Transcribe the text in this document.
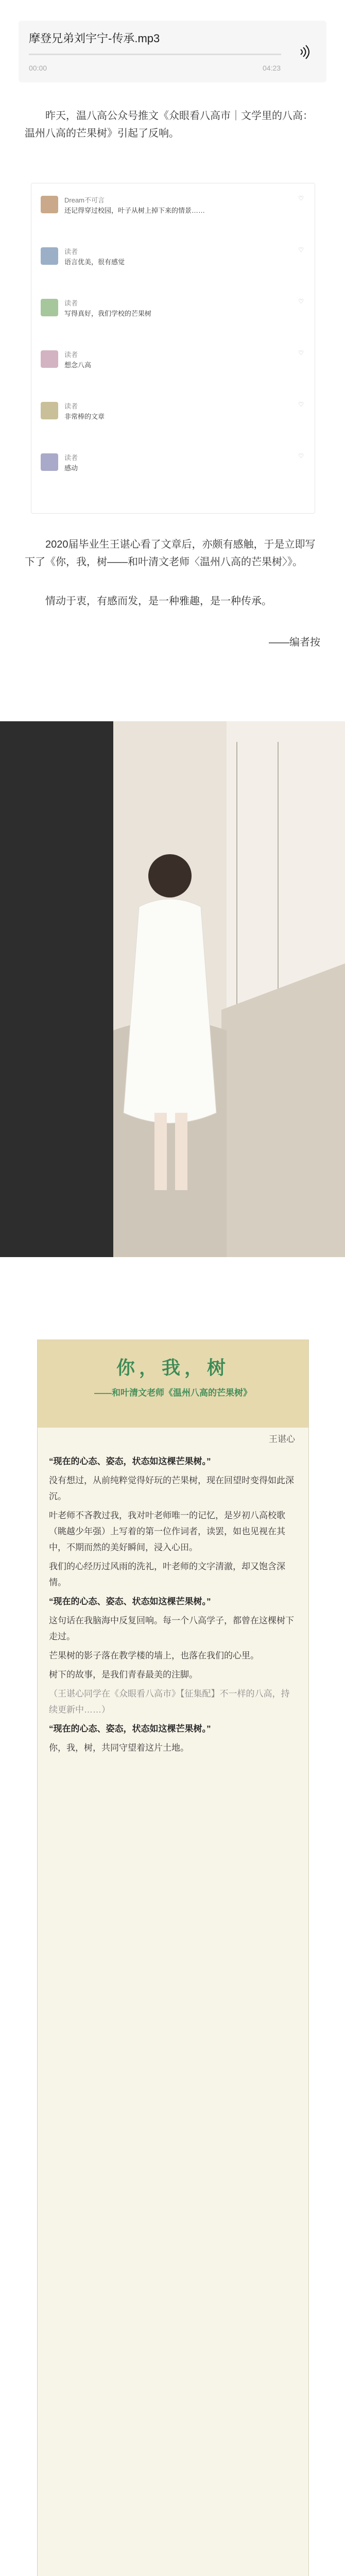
摩登兄弟刘宇宁-传承.mp3
00:00	04:23
昨天，温八高公众号推文《众眼看八高市｜文学里的八高：温州八高的芒果树》引起了反响。
Dream不可言
还记得穿过校园，叶子从树上掉下来的情景……
♡
读者
语言优美，很有感觉
♡
读者
写得真好，我们学校的芒果树
♡
读者
想念八高
♡
读者
非常棒的文章
♡
读者
感动
♡
2020届毕业生王谌心看了文章后，亦颇有感触，于是立即写下了《你，我，树——和叶清文老师〈温州八高的芒果树〉》。
情动于衷，有感而发，是一种雅趣，是一种传承。
——编者按
你，我，树
——和叶清文老师《温州八高的芒果树》
王谌心

“现在的心态、姿态，状态如这棵芒果树。”

没有想过，从前纯粹觉得好玩的芒果树，现在回望时变得如此深沉。

叶老师不吝教过我，我对叶老师唯一的记忆，是岁初八高校歌（眺越少年强）上写着的第一位作词者，读罢，如也见视在其中，不期而然的美好瞬间，浸入心田。

我们的心经历过风雨的洗礼，叶老师的文字清澈，却又饱含深情。

“现在的心态、姿态、状态如这棵芒果树。”

这句话在我脑海中反复回响。每一个八高学子，都曾在这棵树下走过。

芒果树的影子落在教学楼的墙上，也落在我们的心里。

树下的故事，是我们青春最美的注脚。

（王谌心同学在《众眼看八高市》【征集配】不一样的八高，持续更新中……）

“现在的心态、姿态，状态如这棵芒果树。”

你，我，树，共同守望着这片土地。
